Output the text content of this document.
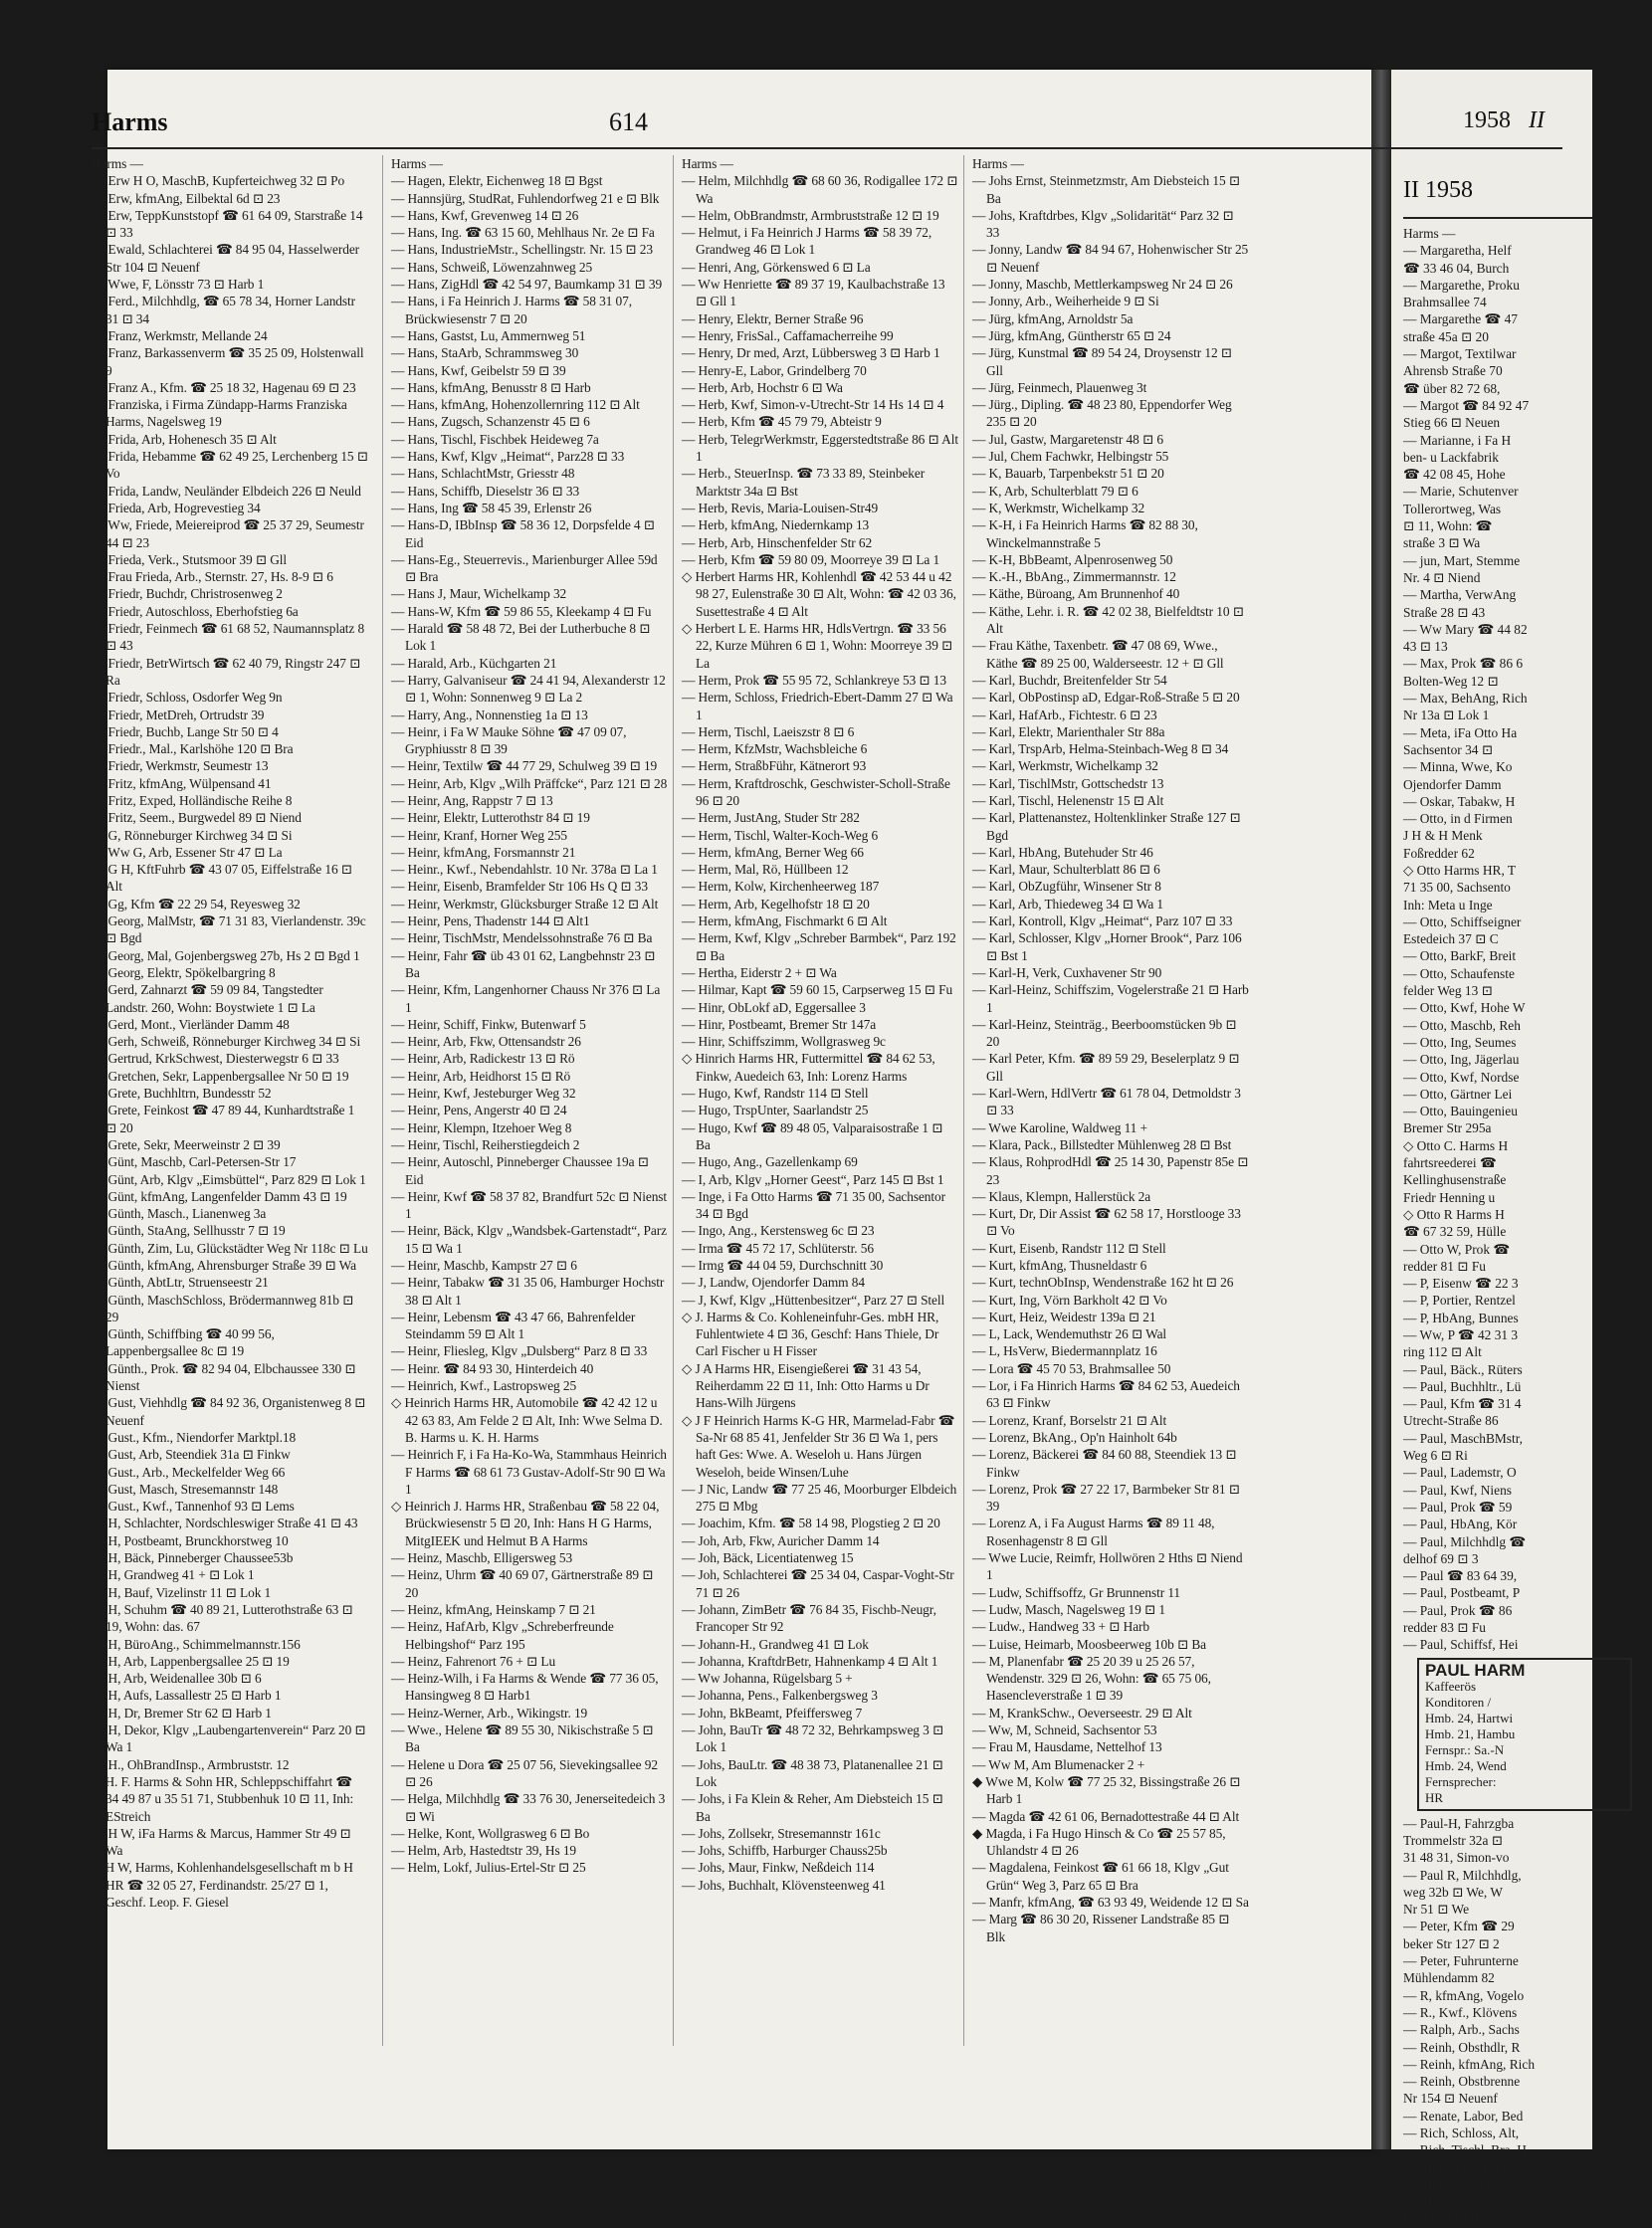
II 1958
Harms —

— Margaretha, Helf

☎ 33 46 04, Burch

— Margarethe, Proku

Brahmsallee 74

— Margarethe ☎ 47

straße 45a ⊡ 20

— Margot, Textilwar

Ahrensb Straße 70

☎ über 82 72 68,

— Margot ☎ 84 92 47

Stieg 66 ⊡ Neuen

— Marianne, i Fa H

ben- u Lackfabrik

☎ 42 08 45, Hohe

— Marie, Schutenver

Tollerortweg, Was

⊡ 11, Wohn: ☎

straße 3 ⊡ Wa

— jun, Mart, Stemme

Nr. 4 ⊡ Niend

— Martha, VerwAng

Straße 28 ⊡ 43

— Ww Mary ☎ 44 82

43 ⊡ 13

— Max, Prok ☎ 86 6

Bolten-Weg 12 ⊡

— Max, BehAng, Rich

Nr 13a ⊡ Lok 1

— Meta, iFa Otto Ha

Sachsentor 34 ⊡

— Minna, Wwe, Ko

Ojendorfer Damm

— Oskar, Tabakw, H

— Otto, in d Firmen

J H & H Menk

Foßredder 62

◇ Otto Harms HR, T

71 35 00, Sachsento

Inh: Meta u Inge

— Otto, Schiffseigner

Estedeich 37 ⊡ C

— Otto, BarkF, Breit

— Otto, Schaufenste

felder Weg 13 ⊡

— Otto, Kwf, Hohe W

— Otto, Maschb, Reh

— Otto, Ing, Seumes

— Otto, Ing, Jägerlau

— Otto, Kwf, Nordse

— Otto, Gärtner Lei

— Otto, Bauingenieu

Bremer Str 295a

◇ Otto C. Harms H

fahrtsreederei ☎

Kellinghusenstraße

Friedr Henning u

◇ Otto R Harms H

☎ 67 32 59, Hülle

— Otto W, Prok ☎

redder 81 ⊡ Fu

— P, Eisenw ☎ 22 3

— P, Portier, Rentzel

— P, HbAng, Bunnes

— Ww, P ☎ 42 31 3

ring 112 ⊡ Alt

— Paul, Bäck., Rüters

— Paul, Buchhltr., Lü

— Paul, Kfm ☎ 31 4

Utrecht-Straße 86

— Paul, MaschBMstr,

Weg 6 ⊡ Ri

— Paul, Lademstr, O

— Paul, Kwf, Niens

— Paul, Prok ☎ 59

— Paul, HbAng, Kör

— Paul, Milchhdlg ☎

delhof 69 ⊡ 3

— Paul ☎ 83 64 39,

— Paul, Postbeamt, P

— Paul, Prok ☎ 86

redder 83 ⊡ Fu

— Paul, Schiffsf, Hei

PAUL HARM
Kaffeerös
Konditoren /
Hmb. 24, Hartwi
Hmb. 21, Hambu
Fernspr.: Sa.-N
Hmb. 24, Wend
Fernsprecher:
HR

— Paul-H, Fahrzgba

Trommelstr 32a ⊡

31 48 31, Simon-vo

— Paul R, Milchhdlg,

weg 32b ⊡ We, W

Nr 51 ⊡ We

— Peter, Kfm ☎ 29

beker Str 127 ⊡ 2

— Peter, Fuhrunterne

Mühlendamm 82

— R, kfmAng, Vogelo

— R., Kwf., Klövens

— Ralph, Arb., Sachs

— Reinh, Obsthdlr, R

— Reinh, kfmAng, Rich

— Reinh, Obstbrenne

Nr 154 ⊡ Neuenf

— Renate, Labor, Bed

— Rich, Schloss, Alt,

— Rich, Tischl, Bra, H

— Rich, Kfm, Kunhat

— Rich, UhrmMstr,

— Rich. u. R. Jonato

Uhrm., Alte Holste

Harms	614	1958 II
Harms —

— Erw H O, MaschB, Kupferteichweg 32 ⊡ Po

— Erw, kfmAng, Eilbektal 6d ⊡ 23

— Erw, TeppKunststopf ☎ 61 64 09, Starstraße 14 ⊡ 33

— Ewald, Schlachterei ☎ 84 95 04, Hasselwerder Str 104 ⊡ Neuenf

— Wwe, F, Lönsstr 73 ⊡ Harb 1

— Ferd., Milchhdlg, ☎ 65 78 34, Horner Landstr 31 ⊡ 34

— Franz, Werkmstr, Mellande 24

— Franz, Barkassenverm ☎ 35 25 09, Holstenwall 9

— Franz A., Kfm. ☎ 25 18 32, Hagenau 69 ⊡ 23

— Franziska, i Firma Zündapp-Harms Franziska Harms, Nagelsweg 19

— Frida, Arb, Hohenesch 35 ⊡ Alt

— Frida, Hebamme ☎ 62 49 25, Lerchenberg 15 ⊡ Vo

— Frida, Landw, Neuländer Elbdeich 226 ⊡ Neuld

— Frieda, Arb, Hogrevestieg 34

— Ww, Friede, Meiereiprod ☎ 25 37 29, Seumestr 44 ⊡ 23

— Frieda, Verk., Stutsmoor 39 ⊡ Gll

— Frau Frieda, Arb., Sternstr. 27, Hs. 8-9 ⊡ 6

— Friedr, Buchdr, Christrosenweg 2

— Friedr, Autoschloss, Eberhofstieg 6a

— Friedr, Feinmech ☎ 61 68 52, Naumannsplatz 8 ⊡ 43

— Friedr, BetrWirtsch ☎ 62 40 79, Ringstr 247 ⊡ Ra

— Friedr, Schloss, Osdorfer Weg 9n

— Friedr, MetDreh, Ortrudstr 39

— Friedr, Buchb, Lange Str 50 ⊡ 4

— Friedr., Mal., Karlshöhe 120 ⊡ Bra

— Friedr, Werkmstr, Seumestr 13

— Fritz, kfmAng, Wülpensand 41

— Fritz, Exped, Holländische Reihe 8

— Fritz, Seem., Burgwedel 89 ⊡ Niend

— G, Rönneburger Kirchweg 34 ⊡ Si

— Ww G, Arb, Essener Str 47 ⊡ La

— G H, KftFuhrb ☎ 43 07 05, Eiffelstraße 16 ⊡ Alt

— Gg, Kfm ☎ 22 29 54, Reyesweg 32

— Georg, MalMstr, ☎ 71 31 83, Vierlandenstr. 39c ⊡ Bgd

— Georg, Mal, Gojenbergsweg 27b, Hs 2 ⊡ Bgd 1

— Georg, Elektr, Spökelbargring 8

— Gerd, Zahnarzt ☎ 59 09 84, Tangstedter Landstr. 260, Wohn: Boystwiete 1 ⊡ La

— Gerd, Mont., Vierländer Damm 48

— Gerh, Schweiß, Rönneburger Kirchweg 34 ⊡ Si

— Gertrud, KrkSchwest, Diesterwegstr 6 ⊡ 33

— Gretchen, Sekr, Lappenbergsallee Nr 50 ⊡ 19

— Grete, Buchhltrn, Bundesstr 52

— Grete, Feinkost ☎ 47 89 44, Kunhardtstraße 1 ⊡ 20

— Grete, Sekr, Meerweinstr 2 ⊡ 39

— Günt, Maschb, Carl-Petersen-Str 17

— Günt, Arb, Klgv „Eimsbüttel“, Parz 829 ⊡ Lok 1

— Günt, kfmAng, Langenfelder Damm 43 ⊡ 19

— Günth, Masch., Lianenweg 3a

— Günth, StaAng, Sellhusstr 7 ⊡ 19

— Günth, Zim, Lu, Glückstädter Weg Nr 118c ⊡ Lu

— Günth, kfmAng, Ahrensburger Straße 39 ⊡ Wa

— Günth, AbtLtr, Struenseestr 21

— Günth, MaschSchloss, Brödermannweg 81b ⊡ 29

— Günth, Schiffbing ☎ 40 99 56, Lappenbergsallee 8c ⊡ 19

— Günth., Prok. ☎ 82 94 04, Elbchaussee 330 ⊡ Nienst

— Gust, Viehhdlg ☎ 84 92 36, Organistenweg 8 ⊡ Neuenf

— Gust., Kfm., Niendorfer Marktpl.18

— Gust, Arb, Steendiek 31a ⊡ Finkw

— Gust., Arb., Meckelfelder Weg 66

— Gust, Masch, Stresemannstr 148

— Gust., Kwf., Tannenhof 93 ⊡ Lems

— H, Schlachter, Nordschleswiger Straße 41 ⊡ 43

— H, Postbeamt, Brunckhorstweg 10

— H, Bäck, Pinneberger Chaussee53b

— H, Grandweg 41 + ⊡ Lok 1

— H, Bauf, Vizelinstr 11 ⊡ Lok 1

— H, Schuhm ☎ 40 89 21, Lutterothstraße 63 ⊡ 19, Wohn: das. 67

— H, BüroAng., Schimmelmannstr.156

— H, Arb, Lappenbergsallee 25 ⊡ 19

— H, Arb, Weidenallee 30b ⊡ 6

— H, Aufs, Lassallestr 25 ⊡ Harb 1

— H, Dr, Bremer Str 62 ⊡ Harb 1

— H, Dekor, Klgv „Laubengartenverein“ Parz 20 ⊡ Wa 1

— H., OhBrandInsp., Armbruststr. 12

◇ H. F. Harms & Sohn HR, Schleppschiffahrt ☎ 34 49 87 u 35 51 71, Stubbenhuk 10 ⊡ 11, Inh: EStreich

— H W, iFa Harms & Marcus, Hammer Str 49 ⊡ Wa

◇ H W, Harms, Kohlenhandelsgesellschaft m b H HR ☎ 32 05 27, Ferdinandstr. 25/27 ⊡ 1, Geschf. Leop. F. Giesel

Harms —

— Hagen, Elektr, Eichenweg 18 ⊡ Bgst

— Hannsjürg, StudRat, Fuhlendorfweg 21 e ⊡ Blk

— Hans, Kwf, Grevenweg 14 ⊡ 26

— Hans, Ing. ☎ 63 15 60, Mehlhaus Nr. 2e ⊡ Fa

— Hans, IndustrieMstr., Schellingstr. Nr. 15 ⊡ 23

— Hans, Schweiß, Löwenzahnweg 25

— Hans, ZigHdl ☎ 42 54 97, Baumkamp 31 ⊡ 39

— Hans, i Fa Heinrich J. Harms ☎ 58 31 07, Brückwiesenstr 7 ⊡ 20

— Hans, Gastst, Lu, Ammernweg 51

— Hans, StaArb, Schrammsweg 30

— Hans, Kwf, Geibelstr 59 ⊡ 39

— Hans, kfmAng, Benusstr 8 ⊡ Harb

— Hans, kfmAng, Hohenzollernring 112 ⊡ Alt

— Hans, Zugsch, Schanzenstr 45 ⊡ 6

— Hans, Tischl, Fischbek Heideweg 7a

— Hans, Kwf, Klgv „Heimat“, Parz28 ⊡ 33

— Hans, SchlachtMstr, Griesstr 48

— Hans, Schiffb, Dieselstr 36 ⊡ 33

— Hans, Ing ☎ 58 45 39, Erlenstr 26

— Hans-D, IBbInsp ☎ 58 36 12, Dorpsfelde 4 ⊡ Eid

— Hans-Eg., Steuerrevis., Marienburger Allee 59d ⊡ Bra

— Hans J, Maur, Wichelkamp 32

— Hans-W, Kfm ☎ 59 86 55, Kleekamp 4 ⊡ Fu

— Harald ☎ 58 48 72, Bei der Lutherbuche 8 ⊡ Lok 1

— Harald, Arb., Küchgarten 21

— Harry, Galvaniseur ☎ 24 41 94, Alexanderstr 12 ⊡ 1, Wohn: Sonnenweg 9 ⊡ La 2

— Harry, Ang., Nonnenstieg 1a ⊡ 13

— Heinr, i Fa W Mauke Söhne ☎ 47 09 07, Gryphiusstr 8 ⊡ 39

— Heinr, Textilw ☎ 44 77 29, Schulweg 39 ⊡ 19

— Heinr, Arb, Klgv „Wilh Präffcke“, Parz 121 ⊡ 28

— Heinr, Ang, Rappstr 7 ⊡ 13

— Heinr, Elektr, Lutterothstr 84 ⊡ 19

— Heinr, Kranf, Horner Weg 255

— Heinr, kfmAng, Forsmannstr 21

— Heinr., Kwf., Nebendahlstr. 10 Nr. 378a ⊡ La 1

— Heinr, Eisenb, Bramfelder Str 106 Hs Q ⊡ 33

— Heinr, Werkmstr, Glücksburger Straße 12 ⊡ Alt

— Heinr, Pens, Thadenstr 144 ⊡ Alt1

— Heinr, TischMstr, Mendelssohnstraße 76 ⊡ Ba

— Heinr, Fahr ☎ üb 43 01 62, Langbehnstr 23 ⊡ Ba

— Heinr, Kfm, Langenhorner Chauss Nr 376 ⊡ La 1

— Heinr, Schiff, Finkw, Butenwarf 5

— Heinr, Arb, Fkw, Ottensandstr 26

— Heinr, Arb, Radickestr 13 ⊡ Rö

— Heinr, Arb, Heidhorst 15 ⊡ Rö

— Heinr, Kwf, Jesteburger Weg 32

— Heinr, Pens, Angerstr 40 ⊡ 24

— Heinr, Klempn, Itzehoer Weg 8

— Heinr, Tischl, Reiherstiegdeich 2

— Heinr, Autoschl, Pinneberger Chaussee 19a ⊡ Eid

— Heinr, Kwf ☎ 58 37 82, Brandfurt 52c ⊡ Nienst 1

— Heinr, Bäck, Klgv „Wandsbek-Gartenstadt“, Parz 15 ⊡ Wa 1

— Heinr, Maschb, Kampstr 27 ⊡ 6

— Heinr, Tabakw ☎ 31 35 06, Hamburger Hochstr 38 ⊡ Alt 1

— Heinr, Lebensm ☎ 43 47 66, Bahrenfelder Steindamm 59 ⊡ Alt 1

— Heinr, Fliesleg, Klgv „Dulsberg“ Parz 8 ⊡ 33

— Heinr. ☎ 84 93 30, Hinterdeich 40

— Heinrich, Kwf., Lastropsweg 25

◇ Heinrich Harms HR, Automobile ☎ 42 42 12 u 42 63 83, Am Felde 2 ⊡ Alt, Inh: Wwe Selma D. B. Harms u. K. H. Harms

— Heinrich F, i Fa Ha-Ko-Wa, Stammhaus Heinrich F Harms ☎ 68 61 73 Gustav-Adolf-Str 90 ⊡ Wa 1

◇ Heinrich J. Harms HR, Straßenbau ☎ 58 22 04, Brückwiesenstr 5 ⊡ 20, Inh: Hans H G Harms, MitgIEEK und Helmut B A Harms

— Heinz, Maschb, Elligersweg 53

— Heinz, Uhrm ☎ 40 69 07, Gärtnerstraße 89 ⊡ 20

— Heinz, kfmAng, Heinskamp 7 ⊡ 21

— Heinz, HafArb, Klgv „Schreberfreunde Helbingshof“ Parz 195

— Heinz, Fahrenort 76 + ⊡ Lu

— Heinz-Wilh, i Fa Harms & Wende ☎ 77 36 05, Hansingweg 8 ⊡ Harb1

— Heinz-Werner, Arb., Wikingstr. 19

— Wwe., Helene ☎ 89 55 30, Nikischstraße 5 ⊡ Ba

— Helene u Dora ☎ 25 07 56, Sievekingsallee 92 ⊡ 26

— Helga, Milchhdlg ☎ 33 76 30, Jenerseitedeich 3 ⊡ Wi

— Helke, Kont, Wollgrasweg 6 ⊡ Bo

— Helm, Arb, Hastedtstr 39, Hs 19

— Helm, Lokf, Julius-Ertel-Str ⊡ 25

Harms —

— Helm, Milchhdlg ☎ 68 60 36, Rodigallee 172 ⊡ Wa

— Helm, ObBrandmstr, Armbruststraße 12 ⊡ 19

— Helmut, i Fa Heinrich J Harms ☎ 58 39 72, Grandweg 46 ⊡ Lok 1

— Henri, Ang, Görkenswed 6 ⊡ La

— Ww Henriette ☎ 89 37 19, Kaulbachstraße 13 ⊡ Gll 1

— Henry, Elektr, Berner Straße 96

— Henry, FrisSal., Caffamacherreihe 99

— Henry, Dr med, Arzt, Lübbersweg 3 ⊡ Harb 1

— Henry-E, Labor, Grindelberg 70

— Herb, Arb, Hochstr 6 ⊡ Wa

— Herb, Kwf, Simon-v-Utrecht-Str 14 Hs 14 ⊡ 4

— Herb, Kfm ☎ 45 79 79, Abteistr 9

— Herb, TelegrWerkmstr, Eggerstedtstraße 86 ⊡ Alt 1

— Herb., SteuerInsp. ☎ 73 33 89, Steinbeker Marktstr 34a ⊡ Bst

— Herb, Revis, Maria-Louisen-Str49

— Herb, kfmAng, Niedernkamp 13

— Herb, Arb, Hinschenfelder Str 62

— Herb, Kfm ☎ 59 80 09, Moorreye 39 ⊡ La 1

◇ Herbert Harms HR, Kohlenhdl ☎ 42 53 44 u 42 98 27, Eulenstraße 30 ⊡ Alt, Wohn: ☎ 42 03 36, Susettestraße 4 ⊡ Alt

◇ Herbert L E. Harms HR, HdlsVertrgn. ☎ 33 56 22, Kurze Mühren 6 ⊡ 1, Wohn: Moorreye 39 ⊡ La

— Herm, Prok ☎ 55 95 72, Schlankreye 53 ⊡ 13

— Herm, Schloss, Friedrich-Ebert-Damm 27 ⊡ Wa 1

— Herm, Tischl, Laeiszstr 8 ⊡ 6

— Herm, KfzMstr, Wachsbleiche 6

— Herm, StraßbFühr, Kätnerort 93

— Herm, Kraftdroschk, Geschwister-Scholl-Straße 96 ⊡ 20

— Herm, JustAng, Studer Str 282

— Herm, Tischl, Walter-Koch-Weg 6

— Herm, kfmAng, Berner Weg 66

— Herm, Mal, Rö, Hüllbeen 12

— Herm, Kolw, Kirchenheerweg 187

— Herm, Arb, Kegelhofstr 18 ⊡ 20

— Herm, kfmAng, Fischmarkt 6 ⊡ Alt

— Herm, Kwf, Klgv „Schreber Barmbek“, Parz 192 ⊡ Ba

— Hertha, Eiderstr 2 + ⊡ Wa

— Hilmar, Kapt ☎ 59 60 15, Carpserweg 15 ⊡ Fu

— Hinr, ObLokf aD, Eggersallee 3

— Hinr, Postbeamt, Bremer Str 147a

— Hinr, Schiffszimm, Wollgrasweg 9c

◇ Hinrich Harms HR, Futtermittel ☎ 84 62 53, Finkw, Auedeich 63, Inh: Lorenz Harms

— Hugo, Kwf, Randstr 114 ⊡ Stell

— Hugo, TrspUnter, Saarlandstr 25

— Hugo, Kwf ☎ 89 48 05, Valparaisostraße 1 ⊡ Ba

— Hugo, Ang., Gazellenkamp 69

— I, Arb, Klgv „Horner Geest“, Parz 145 ⊡ Bst 1

— Inge, i Fa Otto Harms ☎ 71 35 00, Sachsentor 34 ⊡ Bgd

— Ingo, Ang., Kerstensweg 6c ⊡ 23

— Irma ☎ 45 72 17, Schlüterstr. 56

— Irmg ☎ 44 04 59, Durchschnitt 30

— J, Landw, Ojendorfer Damm 84

— J, Kwf, Klgv „Hüttenbesitzer“, Parz 27 ⊡ Stell

◇ J. Harms & Co. Kohleneinfuhr-Ges. mbH HR, Fuhlentwiete 4 ⊡ 36, Geschf: Hans Thiele, Dr Carl Fischer u H Fisser

◇ J A Harms HR, Eisengießerei ☎ 31 43 54, Reiherdamm 22 ⊡ 11, Inh: Otto Harms u Dr Hans-Wilh Jürgens

◇ J F Heinrich Harms K-G HR, Marmelad-Fabr ☎ Sa-Nr 68 85 41, Jenfelder Str 36 ⊡ Wa 1, pers haft Ges: Wwe. A. Weseloh u. Hans Jürgen Weseloh, beide Winsen/Luhe

— J Nic, Landw ☎ 77 25 46, Moorburger Elbdeich 275 ⊡ Mbg

— Joachim, Kfm. ☎ 58 14 98, Plogstieg 2 ⊡ 20

— Joh, Arb, Fkw, Auricher Damm 14

— Joh, Bäck, Licentiatenweg 15

— Joh, Schlachterei ☎ 25 34 04, Caspar-Voght-Str 71 ⊡ 26

— Johann, ZimBetr ☎ 76 84 35, Fischb-Neugr, Francoper Str 92

— Johann-H., Grandweg 41 ⊡ Lok

— Johanna, KraftdrBetr, Hahnenkamp 4 ⊡ Alt 1

— Ww Johanna, Rügelsbarg 5 +

— Johanna, Pens., Falkenbergsweg 3

— John, BkBeamt, Pfeiffersweg 7

— John, BauTr ☎ 48 72 32, Behrkampsweg 3 ⊡ Lok 1

— Johs, BauLtr. ☎ 48 38 73, Platanenallee 21 ⊡ Lok

— Johs, i Fa Klein & Reher, Am Diebsteich 15 ⊡ Ba

— Johs, Zollsekr, Stresemannstr 161c

— Johs, Schiffb, Harburger Chauss25b

— Johs, Maur, Finkw, Neßdeich 114

— Johs, Buchhalt, Klövensteenweg 41

Harms —

— Johs Ernst, Steinmetzmstr, Am Diebsteich 15 ⊡ Ba

— Johs, Kraftdrbes, Klgv „Solidarität“ Parz 32 ⊡ 33

— Jonny, Landw ☎ 84 94 67, Hohenwischer Str 25 ⊡ Neuenf

— Jonny, Maschb, Mettlerkampsweg Nr 24 ⊡ 26

— Jonny, Arb., Weiherheide 9 ⊡ Si

— Jürg, kfmAng, Arnoldstr 5a

— Jürg, kfmAng, Güntherstr 65 ⊡ 24

— Jürg, Kunstmal ☎ 89 54 24, Droysenstr 12 ⊡ Gll

— Jürg, Feinmech, Plauenweg 3t

— Jürg., Dipling. ☎ 48 23 80, Eppendorfer Weg 235 ⊡ 20

— Jul, Gastw, Margaretenstr 48 ⊡ 6

— Jul, Chem Fachwkr, Helbingstr 55

— K, Bauarb, Tarpenbekstr 51 ⊡ 20

— K, Arb, Schulterblatt 79 ⊡ 6

— K, Werkmstr, Wichelkamp 32

— K-H, i Fa Heinrich Harms ☎ 82 88 30, Winckelmannstraße 5

— K-H, BbBeamt, Alpenrosenweg 50

— K.-H., BbAng., Zimmermannstr. 12

— Käthe, Büroang, Am Brunnenhof 40

— Käthe, Lehr. i. R. ☎ 42 02 38, Bielfeldtstr 10 ⊡ Alt

— Frau Käthe, Taxenbetr. ☎ 47 08 69, Wwe., Käthe ☎ 89 25 00, Walderseestr. 12 + ⊡ Gll

— Karl, Buchdr, Breitenfelder Str 54

— Karl, ObPostinsp aD, Edgar-Roß-Straße 5 ⊡ 20

— Karl, HafArb., Fichtestr. 6 ⊡ 23

— Karl, Elektr, Marienthaler Str 88a

— Karl, TrspArb, Helma-Steinbach-Weg 8 ⊡ 34

— Karl, Werkmstr, Wichelkamp 32

— Karl, TischlMstr, Gottschedstr 13

— Karl, Tischl, Helenenstr 15 ⊡ Alt

— Karl, Plattenanstez, Holtenklinker Straße 127 ⊡ Bgd

— Karl, HbAng, Butehuder Str 46

— Karl, Maur, Schulterblatt 86 ⊡ 6

— Karl, ObZugführ, Winsener Str 8

— Karl, Arb, Thiedeweg 34 ⊡ Wa 1

— Karl, Kontroll, Klgv „Heimat“, Parz 107 ⊡ 33

— Karl, Schlosser, Klgv „Horner Brook“, Parz 106 ⊡ Bst 1

— Karl-H, Verk, Cuxhavener Str 90

— Karl-Heinz, Schiffszim, Vogelerstraße 21 ⊡ Harb 1

— Karl-Heinz, Steinträg., Beerboomstücken 9b ⊡ 20

— Karl Peter, Kfm. ☎ 89 59 29, Beselerplatz 9 ⊡ Gll

— Karl-Wern, HdlVertr ☎ 61 78 04, Detmoldstr 3 ⊡ 33

— Wwe Karoline, Waldweg 11 +

— Klara, Pack., Billstedter Mühlenweg 28 ⊡ Bst

— Klaus, RohprodHdl ☎ 25 14 30, Papenstr 85e ⊡ 23

— Klaus, Klempn, Hallerstück 2a

— Kurt, Dr, Dir Assist ☎ 62 58 17, Horstlooge 33 ⊡ Vo

— Kurt, Eisenb, Randstr 112 ⊡ Stell

— Kurt, kfmAng, Thusneldastr 6

— Kurt, technObInsp, Wendenstraße 162 ht ⊡ 26

— Kurt, Ing, Vörn Barkholt 42 ⊡ Vo

— Kurt, Heiz, Weidestr 139a ⊡ 21

— L, Lack, Wendemuthstr 26 ⊡ Wal

— L, HsVerw, Biedermannplatz 16

— Lora ☎ 45 70 53, Brahmsallee 50

— Lor, i Fa Hinrich Harms ☎ 84 62 53, Auedeich 63 ⊡ Finkw

— Lorenz, Kranf, Borselstr 21 ⊡ Alt

— Lorenz, BkAng., Op'n Hainholt 64b

— Lorenz, Bäckerei ☎ 84 60 88, Steendiek 13 ⊡ Finkw

— Lorenz, Prok ☎ 27 22 17, Barmbeker Str 81 ⊡ 39

— Lorenz A, i Fa August Harms ☎ 89 11 48, Rosenhagenstr 8 ⊡ Gll

— Wwe Lucie, Reimfr, Hollwören 2 Hths ⊡ Niend 1

— Ludw, Schiffsoffz, Gr Brunnenstr 11

— Ludw, Masch, Nagelsweg 19 ⊡ 1

— Ludw., Handweg 33 + ⊡ Harb

— Luise, Heimarb, Moosbeerweg 10b ⊡ Ba

— M, Planenfabr ☎ 25 20 39 u 25 26 57, Wendenstr. 329 ⊡ 26, Wohn: ☎ 65 75 06, Hasencleverstraße 1 ⊡ 39

— M, KrankSchw., Oeverseestr. 29 ⊡ Alt

— Ww, M, Schneid, Sachsentor 53

— Frau M, Hausdame, Nettelhof 13

— Ww M, Am Blumenacker 2 +

◆ Wwe M, Kolw ☎ 77 25 32, Bissingstraße 26 ⊡ Harb 1

— Magda ☎ 42 61 06, Bernadottestraße 44 ⊡ Alt

◆ Magda, i Fa Hugo Hinsch & Co ☎ 25 57 85, Uhlandstr 4 ⊡ 26

— Magdalena, Feinkost ☎ 61 66 18, Klgv „Gut Grün“ Weg 3, Parz 65 ⊡ Bra

— Manfr, kfmAng, ☎ 63 93 49, Weidende 12 ⊡ Sa

— Marg ☎ 86 30 20, Rissener Landstraße 85 ⊡ Blk
